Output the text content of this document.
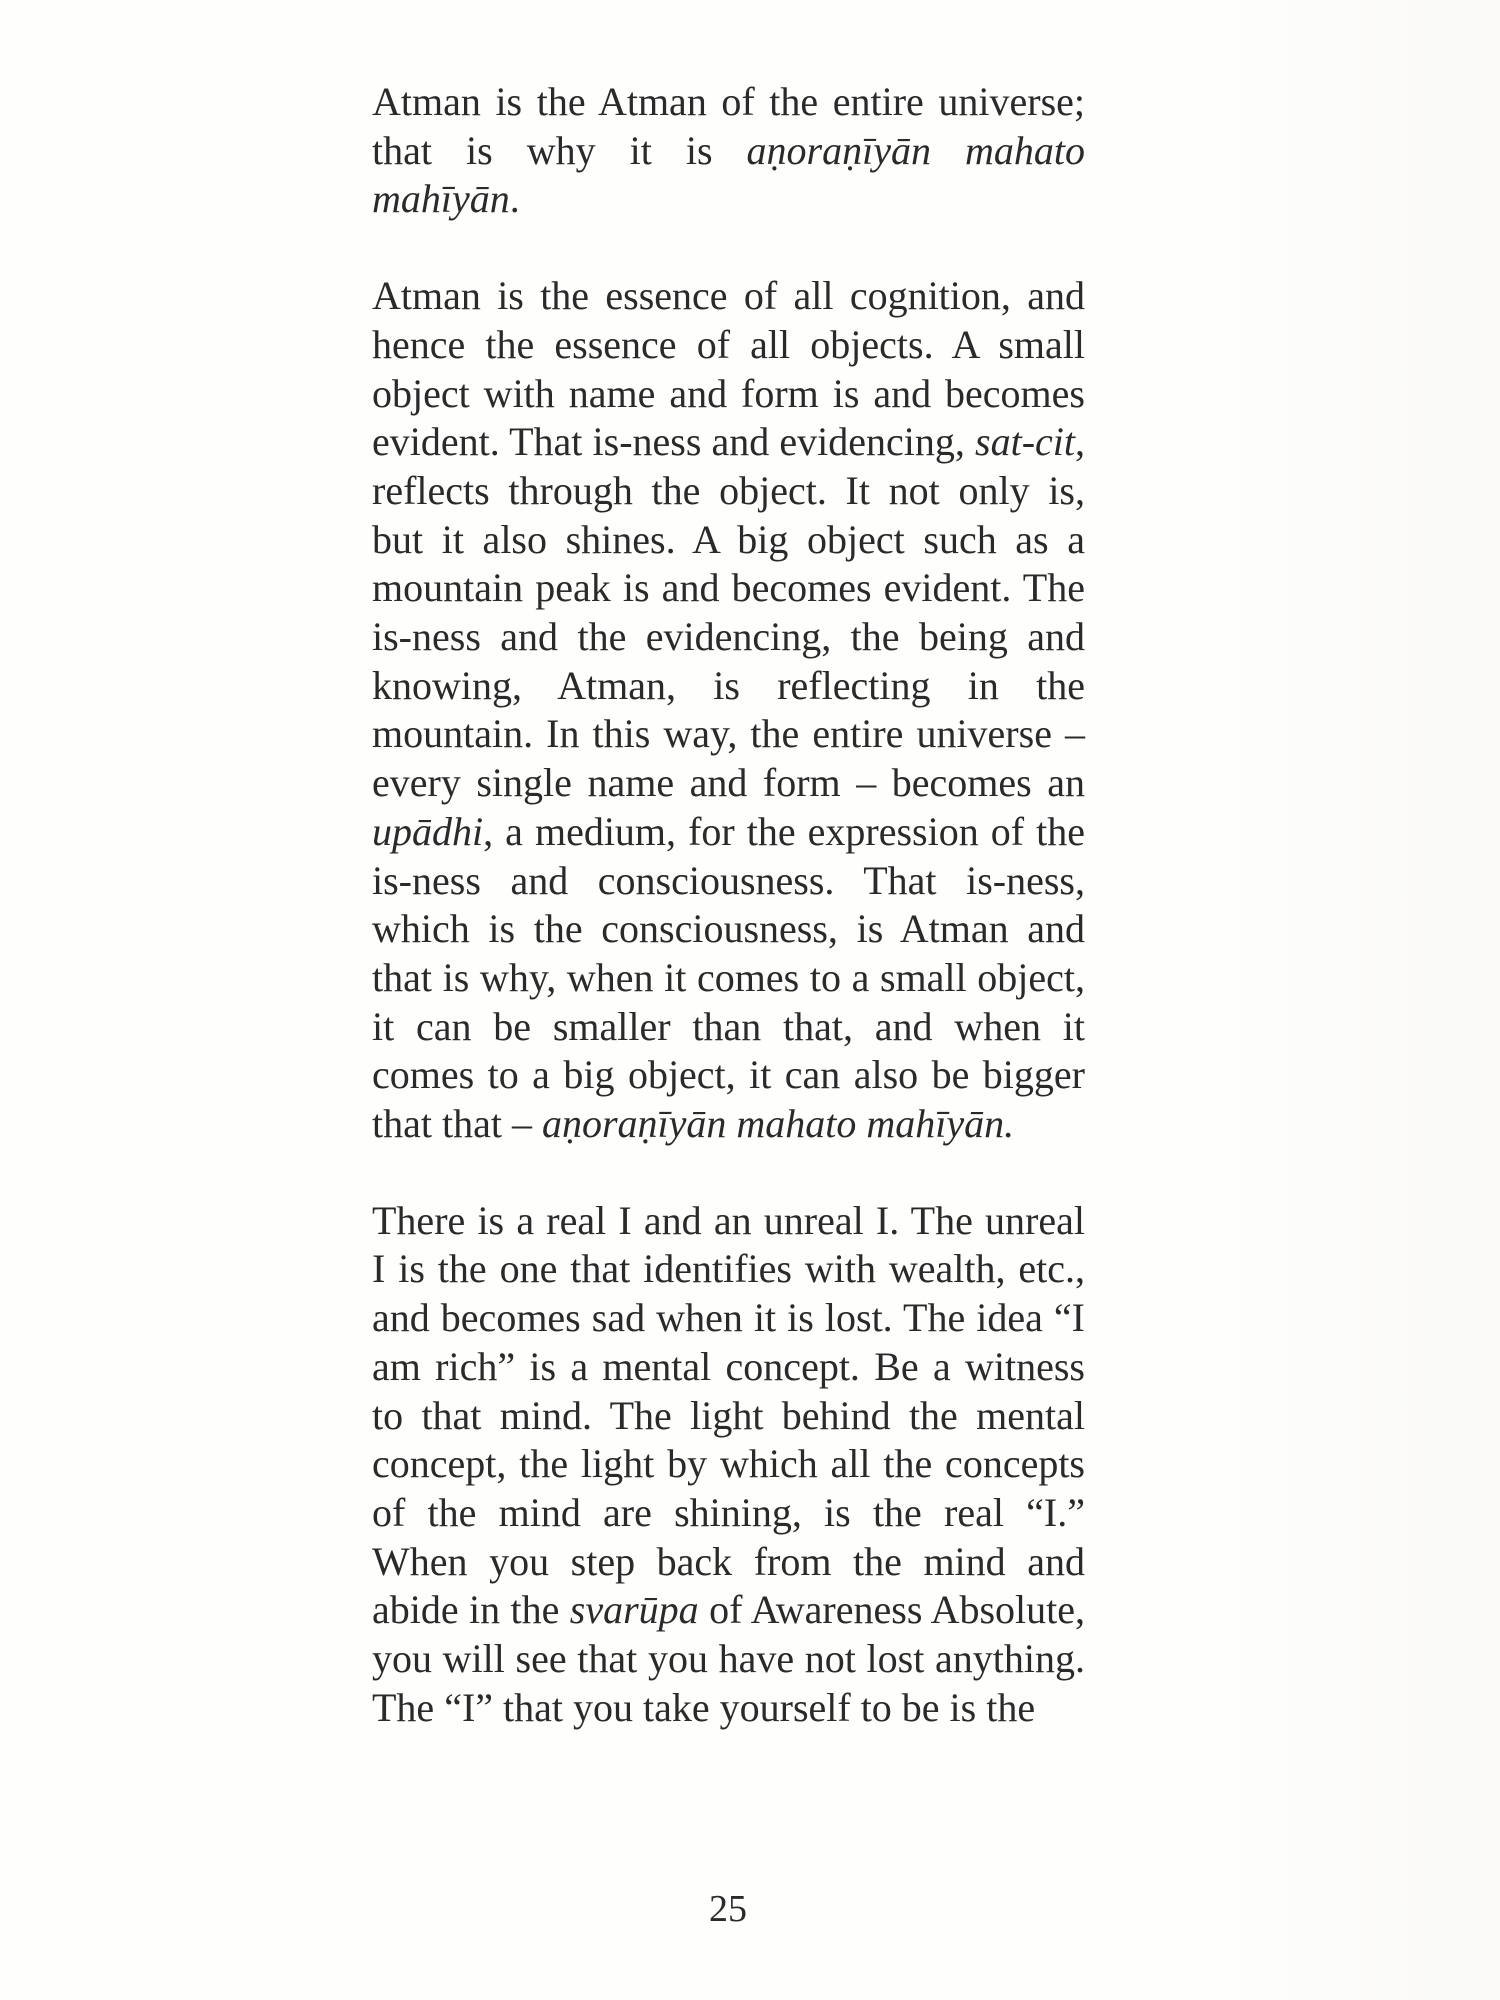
Atman is the Atman of the entire universe; that is why it is aṇoraṇīyān mahato mahīyān.

Atman is the essence of all cognition, and hence the essence of all objects. A small object with name and form is and becomes evident. That is-ness and evidencing, sat-cit, reflects through the object. It not only is, but it also shines. A big object such as a mountain peak is and becomes evident. The is-ness and the evidencing, the being and knowing, Atman, is reflecting in the mountain. In this way, the entire universe – every single name and form – becomes an upādhi, a medium, for the expression of the is-ness and consciousness. That is-ness, which is the consciousness, is Atman and that is why, when it comes to a small object, it can be smaller than that, and when it comes to a big object, it can also be bigger that that – aṇoraṇīyān mahato mahīyān.

There is a real I and an unreal I. The unreal I is the one that identifies with wealth, etc., and becomes sad when it is lost. The idea “I am rich” is a mental concept. Be a witness to that mind. The light behind the mental concept, the light by which all the concepts of the mind are shining, is the real “I.” When you step back from the mind and abide in the svarūpa of Awareness Absolute, you will see that you have not lost anything. The “I” that you take yourself to be is the

25
